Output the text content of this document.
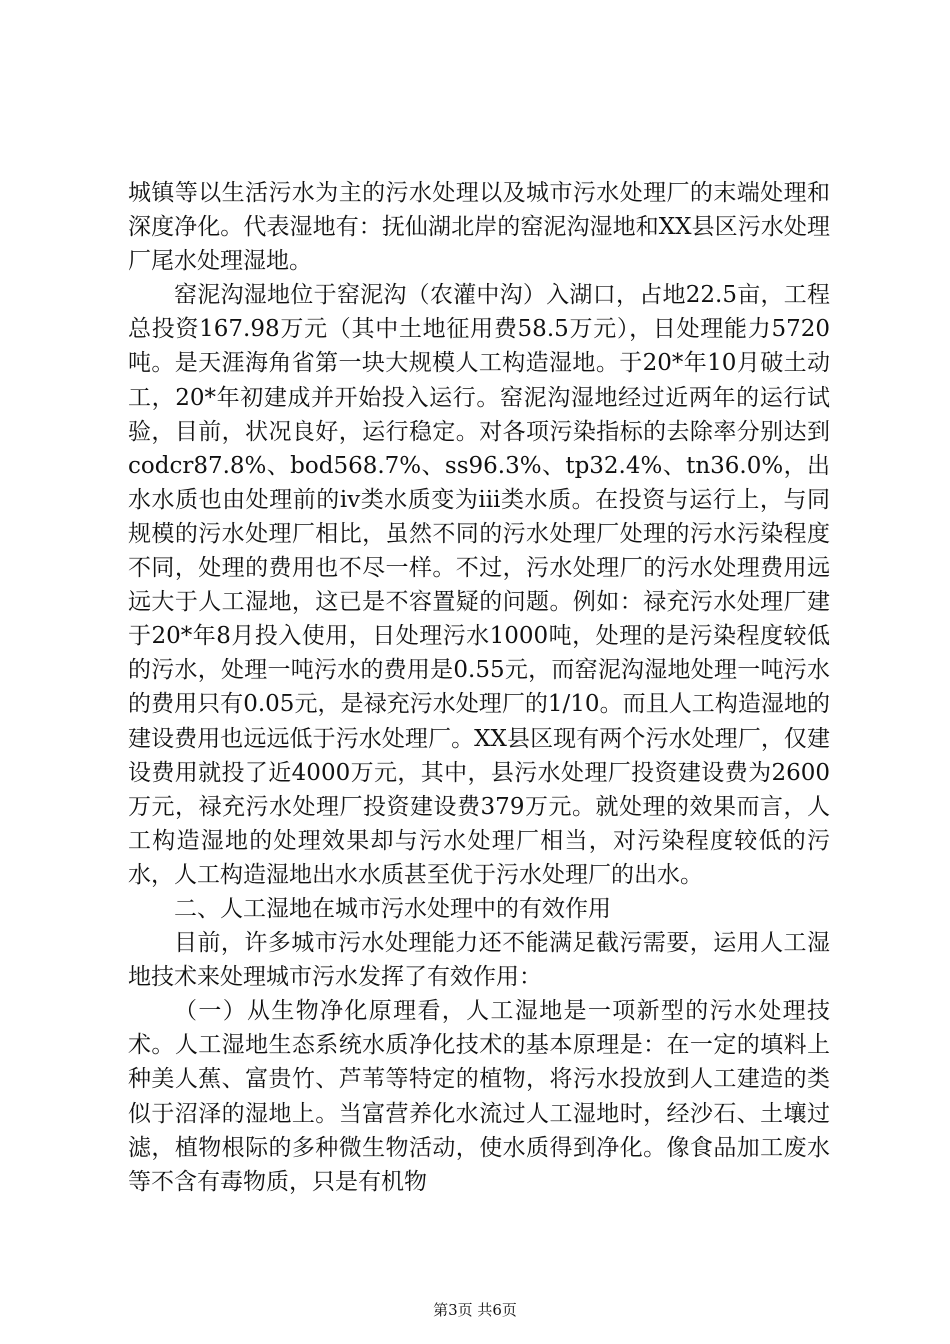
城镇等以生活污水为主的污水处理以及城市污水处理厂的末端处理和深度净化。代表湿地有：抚仙湖北岸的窑泥沟湿地和XX县区污水处理厂尾水处理湿地。

窑泥沟湿地位于窑泥沟（农灌中沟）入湖口，占地22.5亩，工程总投资167.98万元（其中土地征用费58.5万元），日处理能力5720吨。是天涯海角省第一块大规模人工构造湿地。于20*年10月破土动工，20*年初建成并开始投入运行。窑泥沟湿地经过近两年的运行试验，目前，状况良好，运行稳定。对各项污染指标的去除率分别达到codcr87.8%、bod568.7%、ss96.3%、tp32.4%、tn36.0%，出水水质也由处理前的iv类水质变为iii类水质。在投资与运行上，与同规模的污水处理厂相比，虽然不同的污水处理厂处理的污水污染程度不同，处理的费用也不尽一样。不过，污水处理厂的污水处理费用远远大于人工湿地，这已是不容置疑的问题。例如：禄充污水处理厂建于20*年8月投入使用，日处理污水1000吨，处理的是污染程度较低的污水，处理一吨污水的费用是0.55元，而窑泥沟湿地处理一吨污水的费用只有0.05元，是禄充污水处理厂的1/10。而且人工构造湿地的建设费用也远远低于污水处理厂。XX县区现有两个污水处理厂，仅建设费用就投了近4000万元，其中，县污水处理厂投资建设费为2600万元，禄充污水处理厂投资建设费379万元。就处理的效果而言，人工构造湿地的处理效果却与污水处理厂相当，对污染程度较低的污水，人工构造湿地出水水质甚至优于污水处理厂的出水。

二、人工湿地在城市污水处理中的有效作用

目前，许多城市污水处理能力还不能满足截污需要，运用人工湿地技术来处理城市污水发挥了有效作用：

（一）从生物净化原理看，人工湿地是一项新型的污水处理技术。人工湿地生态系统水质净化技术的基本原理是：在一定的填料上种美人蕉、富贵竹、芦苇等特定的植物，将污水投放到人工建造的类似于沼泽的湿地上。当富营养化水流过人工湿地时，经沙石、土壤过滤，植物根际的多种微生物活动，使水质得到净化。像食品加工废水等不含有毒物质，只是有机物

第3页 共6页
